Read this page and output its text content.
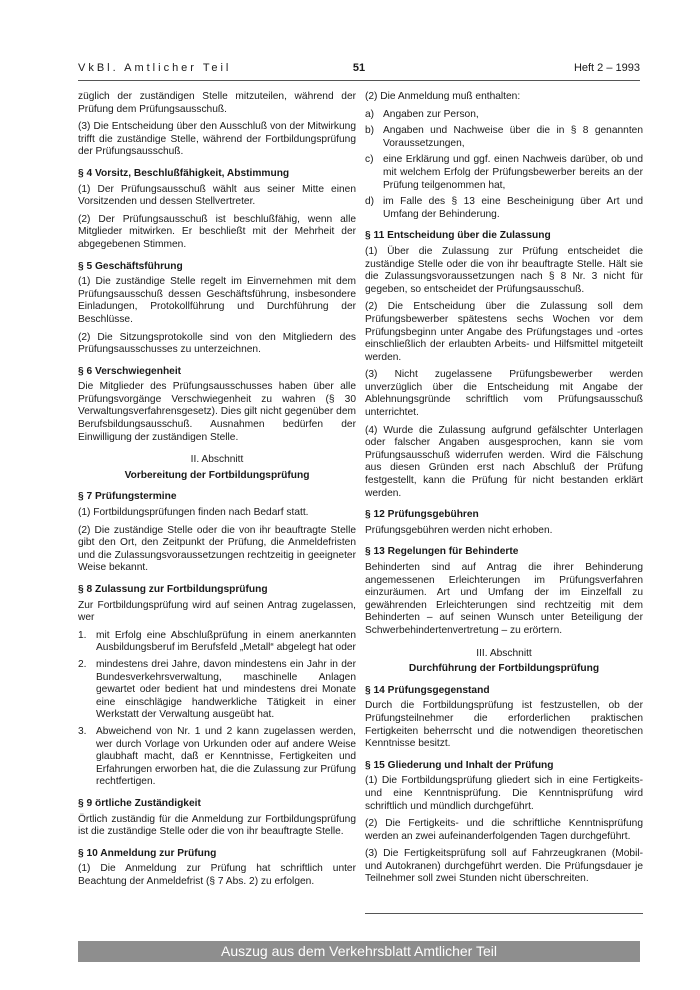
VkBl. Amtlicher Teil	51	Heft 2 – 1993

züglich der zuständigen Stelle mitzuteilen, während der Prüfung dem Prüfungsausschuß.

(3) Die Entscheidung über den Ausschluß von der Mitwirkung trifft die zuständige Stelle, während der Fortbildungsprüfung der Prüfungsausschuß.

§ 4 Vorsitz, Beschlußfähigkeit, Abstimmung

(1) Der Prüfungsausschuß wählt aus seiner Mitte einen Vorsitzenden und dessen Stellvertreter.

(2) Der Prüfungsausschuß ist beschlußfähig, wenn alle Mitglieder mitwirken. Er beschließt mit der Mehrheit der abgegebenen Stimmen.

§ 5 Geschäftsführung

(1) Die zuständige Stelle regelt im Einvernehmen mit dem Prüfungsausschuß dessen Geschäftsführung, insbesondere Einladungen, Protokollführung und Durchführung der Beschlüsse.

(2) Die Sitzungsprotokolle sind von den Mitgliedern des Prüfungsausschusses zu unterzeichnen.

§ 6 Verschwiegenheit

Die Mitglieder des Prüfungsausschusses haben über alle Prüfungsvorgänge Verschwiegenheit zu wahren (§ 30 Verwaltungsverfahrensgesetz). Dies gilt nicht gegenüber dem Berufsbildungsausschuß. Ausnahmen bedürfen der Einwilligung der zuständigen Stelle.

II. Abschnitt
Vorbereitung der Fortbildungsprüfung
§ 7 Prüfungstermine

(1) Fortbildungsprüfungen finden nach Bedarf statt.

(2) Die zuständige Stelle oder die von ihr beauftragte Stelle gibt den Ort, den Zeitpunkt der Prüfung, die Anmeldefristen und die Zulassungsvoraussetzungen rechtzeitig in geeigneter Weise bekannt.

§ 8 Zulassung zur Fortbildungsprüfung

Zur Fortbildungsprüfung wird auf seinen Antrag zugelassen, wer

1. mit Erfolg eine Abschlußprüfung in einem anerkannten Ausbildungsberuf im Berufsfeld „Metall“ abgelegt hat oder
2. mindestens drei Jahre, davon mindestens ein Jahr in der Bundesverkehrsverwaltung, maschinelle Anlagen gewartet oder bedient hat und mindestens drei Monate eine einschlägige handwerkliche Tätigkeit in einer Werkstatt der Verwaltung ausgeübt hat.
3. Abweichend von Nr. 1 und 2 kann zugelassen werden, wer durch Vorlage von Urkunden oder auf andere Weise glaubhaft macht, daß er Kenntnisse, Fertigkeiten und Erfahrungen erworben hat, die die Zulassung zur Prüfung rechtfertigen.
§ 9 örtliche Zuständigkeit

Örtlich zuständig für die Anmeldung zur Fortbildungsprüfung ist die zuständige Stelle oder die von ihr beauftragte Stelle.

§ 10 Anmeldung zur Prüfung

(1) Die Anmeldung zur Prüfung hat schriftlich unter Beachtung der Anmeldefrist (§ 7 Abs. 2) zu erfolgen.

(2) Die Anmeldung muß enthalten:

a) Angaben zur Person,
b) Angaben und Nachweise über die in § 8 genannten Voraussetzungen,
c) eine Erklärung und ggf. einen Nachweis darüber, ob und mit welchem Erfolg der Prüfungsbewerber bereits an der Prüfung teilgenommen hat,
d) im Falle des § 13 eine Bescheinigung über Art und Umfang der Behinderung.
§ 11 Entscheidung über die Zulassung

(1) Über die Zulassung zur Prüfung entscheidet die zuständige Stelle oder die von ihr beauftragte Stelle. Hält sie die Zulassungsvoraussetzungen nach § 8 Nr. 3 nicht für gegeben, so entscheidet der Prüfungsausschuß.

(2) Die Entscheidung über die Zulassung soll dem Prüfungsbewerber spätestens sechs Wochen vor dem Prüfungsbeginn unter Angabe des Prüfungstages und -ortes einschließlich der erlaubten Arbeits- und Hilfsmittel mitgeteilt werden.

(3) Nicht zugelassene Prüfungsbewerber werden unverzüglich über die Entscheidung mit Angabe der Ablehnungsgründe schriftlich vom Prüfungsausschuß unterrichtet.

(4) Wurde die Zulassung aufgrund gefälschter Unterlagen oder falscher Angaben ausgesprochen, kann sie vom Prüfungsausschuß widerrufen werden. Wird die Fälschung aus diesen Gründen erst nach Abschluß der Prüfung festgestellt, kann die Prüfung für nicht bestanden erklärt werden.

§ 12 Prüfungsgebühren

Prüfungsgebühren werden nicht erhoben.

§ 13 Regelungen für Behinderte

Behinderten sind auf Antrag die ihrer Behinderung angemessenen Erleichterungen im Prüfungsverfahren einzuräumen. Art und Umfang der im Einzelfall zu gewährenden Erleichterungen sind rechtzeitig mit dem Behinderten – auf seinen Wunsch unter Beteiligung der Schwerbehindertenvertretung – zu erörtern.

III. Abschnitt
Durchführung der Fortbildungsprüfung
§ 14 Prüfungsgegenstand

Durch die Fortbildungsprüfung ist festzustellen, ob der Prüfungsteilnehmer die erforderlichen praktischen Fertigkeiten beherrscht und die notwendigen theoretischen Kenntnisse besitzt.

§ 15 Gliederung und Inhalt der Prüfung

(1) Die Fortbildungsprüfung gliedert sich in eine Fertigkeits- und eine Kenntnisprüfung. Die Kenntnisprüfung wird schriftlich und mündlich durchgeführt.

(2) Die Fertigkeits- und die schriftliche Kenntnisprüfung werden an zwei aufeinanderfolgenden Tagen durchgeführt.

(3) Die Fertigkeitsprüfung soll auf Fahrzeugkranen (Mobil- und Autokranen) durchgeführt werden. Die Prüfungsdauer je Teilnehmer soll zwei Stunden nicht überschreiten.

Auszug aus dem Verkehrsblatt Amtlicher Teil
